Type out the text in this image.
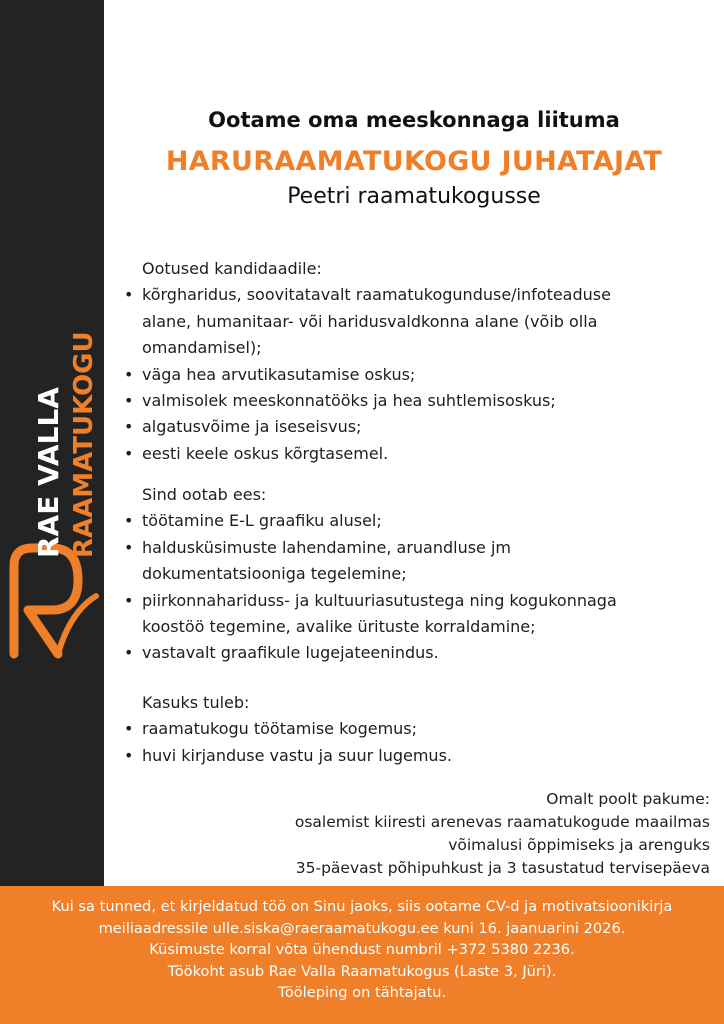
RAE VALLA RAAMATUKOGU
Ootame oma meeskonnaga liituma
HARURAAMATUKOGU JUHATAJAT
Peetri raamatukogusse
Ootused kandidaadile:
• kõrgharidus, soovitatavalt raamatukogunduse/infoteaduse
alane, humanitaar- või haridusvaldkonna alane (võib olla
omandamisel);
• väga hea arvutikasutamise oskus;
• valmisolek meeskonnatööks ja hea suhtlemisoskus;
• algatusvõime ja iseseisvus;
• eesti keele oskus kõrgtasemel.
Sind ootab ees:
• töötamine E-L graafiku alusel;
• haldusküsimuste lahendamine, aruandluse jm
dokumentatsiooniga tegelemine;
• piirkonnahariduss- ja kultuuriasutustega ning kogukonnaga
koostöö tegemine, avalike ürituste korraldamine;
• vastavalt graafikule lugejateenindus.
Kasuks tuleb:
• raamatukogu töötamise kogemus;
• huvi kirjanduse vastu ja suur lugemus.
Omalt poolt pakume:
osalemist kiiresti arenevas raamatukogude maailmas
võimalusi õppimiseks ja arenguks
35-päevast põhipuhkust ja 3 tasustatud tervisepäeva
Kui sa tunned, et kirjeldatud töö on Sinu jaoks, siis ootame CV-d ja motivatsioonikirja
meiliaadressile ulle.siska@raeraamatukogu.ee kuni 16. jaanuarini 2026.
Küsimuste korral võta ühendust numbril +372 5380 2236.
Töökoht asub Rae Valla Raamatukogus (Laste 3, Jüri).
Tööleping on tähtajatu.
